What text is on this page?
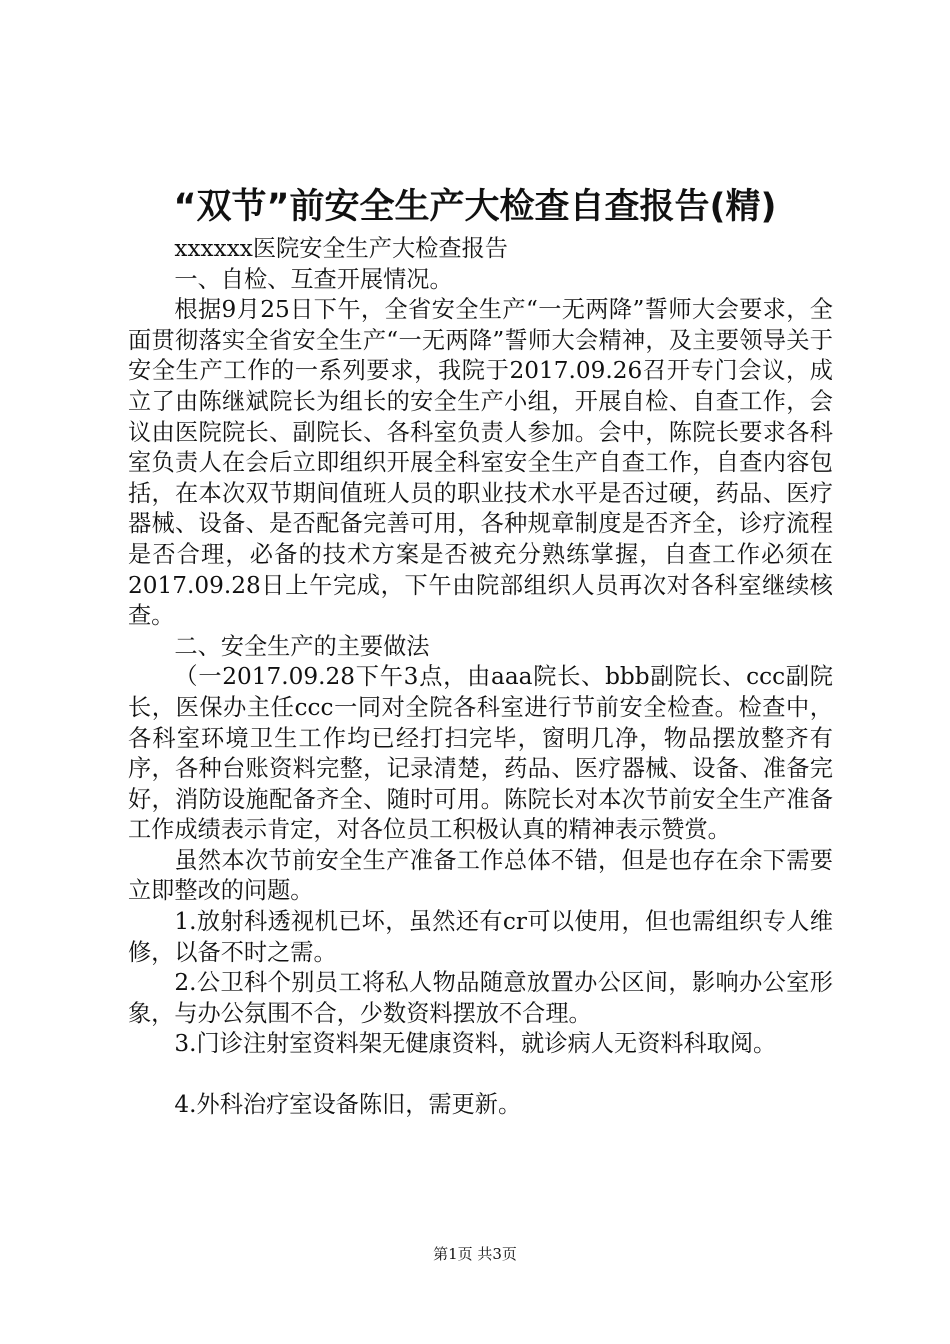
“双节”前安全生产大检查自查报告(精)

xxxxxx医院安全生产大检查报告

一、自检、互查开展情况。

根据9月25日下午，全省安全生产“一无两降”誓师大会要求，全面贯彻落实全省安全生产“一无两降”誓师大会精神，及主要领导关于安全生产工作的一系列要求，我院于2017.09.26召开专门会议，成立了由陈继斌院长为组长的安全生产小组，开展自检、自查工作，会议由医院院长、副院长、各科室负责人参加。会中，陈院长要求各科室负责人在会后立即组织开展全科室安全生产自查工作，自查内容包括，在本次双节期间值班人员的职业技术水平是否过硬，药品、医疗器械、设备、是否配备完善可用，各种规章制度是否齐全，诊疗流程是否合理，必备的技术方案是否被充分熟练掌握，自查工作必须在2017.09.28日上午完成，下午由院部组织人员再次对各科室继续核查。

二、安全生产的主要做法

（一2017.09.28下午3点，由aaa院长、bbb副院长、ccc副院长，医保办主任ccc一同对全院各科室进行节前安全检查。检查中，各科室环境卫生工作均已经打扫完毕，窗明几净，物品摆放整齐有序，各种台账资料完整，记录清楚，药品、医疗器械、设备、准备完好，消防设施配备齐全、随时可用。陈院长对本次节前安全生产准备工作成绩表示肯定，对各位员工积极认真的精神表示赞赏。

虽然本次节前安全生产准备工作总体不错，但是也存在余下需要立即整改的问题。

1.放射科透视机已坏，虽然还有cr可以使用，但也需组织专人维修，以备不时之需。

2.公卫科个别员工将私人物品随意放置办公区间，影响办公室形象，与办公氛围不合，少数资料摆放不合理。

3.门诊注射室资料架无健康资料，就诊病人无资料科取阅。

4.外科治疗室设备陈旧，需更新。

第1页 共3页
